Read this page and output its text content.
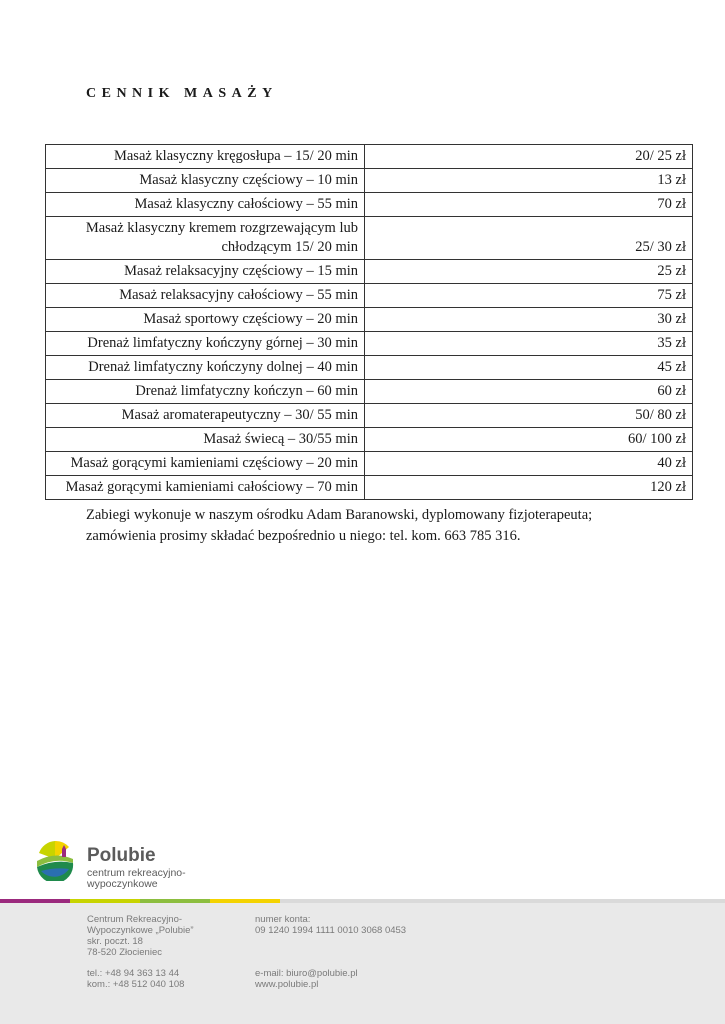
CENNIK MASAŻY
Masaż klasyczny kręgosłupa – 15/ 20 min	20/ 25 zł
Masaż klasyczny częściowy – 10 min	13 zł
Masaż klasyczny całościowy – 55 min	70 zł
Masaż klasyczny kremem rozgrzewającym lub
chłodzącym 15/ 20 min	25/ 30 zł
Masaż relaksacyjny częściowy – 15 min	25 zł
Masaż relaksacyjny całościowy – 55 min	75 zł
Masaż sportowy częściowy – 20 min	30 zł
Drenaż limfatyczny kończyny górnej – 30 min	35 zł
Drenaż limfatyczny kończyny dolnej – 40 min	45 zł
Drenaż limfatyczny kończyn – 60 min	60 zł
Masaż aromaterapeutyczny – 30/ 55 min	50/ 80 zł
Masaż świecą – 30/55 min	60/ 100 zł
Masaż gorącymi kamieniami częściowy – 20 min	40 zł
Masaż gorącymi kamieniami całościowy – 70 min	120 zł
Zabiegi wykonuje w naszym ośrodku Adam Baranowski, dyplomowany fizjoterapeuta;
zamówienia prosimy składać bezpośrednio u niego: tel. kom. 663 785 316.
Polubie
centrum rekreacyjno-
wypoczynkowe
Centrum Rekreacyjno-
Wypoczynkowe „Polubie”
skr. poczt. 18
78-520 Złocieniec
tel.: +48 94 363 13 44
kom.: +48 512 040 108
numer konta:
09 1240 1994 1111 0010 3068 0453
e-mail: biuro@polubie.pl
www.polubie.pl
